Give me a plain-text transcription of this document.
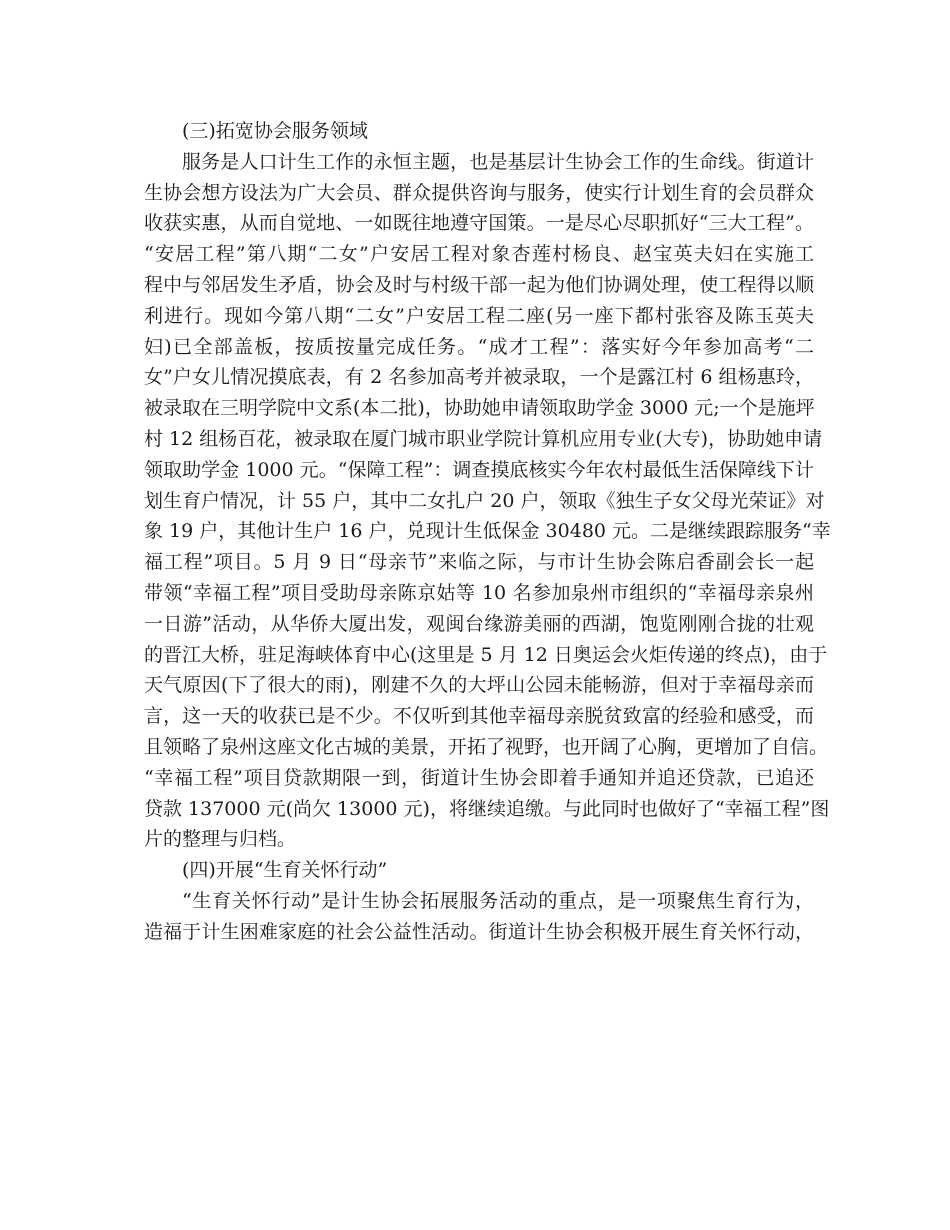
(三)拓宽协会服务领域
服务是人口计生工作的永恒主题，也是基层计生协会工作的生命线。街道计
生协会想方设法为广大会员、群众提供咨询与服务，使实行计划生育的会员群众
收获实惠，从而自觉地、一如既往地遵守国策。一是尽心尽职抓好“三大工程”。
“安居工程”第八期“二女”户安居工程对象杏莲村杨良、赵宝英夫妇在实施工
程中与邻居发生矛盾，协会及时与村级干部一起为他们协调处理，使工程得以顺
利进行。现如今第八期“二女”户安居工程二座(另一座下都村张容及陈玉英夫
妇)已全部盖板，按质按量完成任务。“成才工程”：落实好今年参加高考“二
女”户女儿情况摸底表，有 2 名参加高考并被录取，一个是露江村 6 组杨惠玲，
被录取在三明学院中文系(本二批)，协助她申请领取助学金 3000 元;一个是施坪
村 12 组杨百花，被录取在厦门城市职业学院计算机应用专业(大专)，协助她申请
领取助学金 1000 元。“保障工程”：调查摸底核实今年农村最低生活保障线下计
划生育户情况，计 55 户，其中二女扎户 20 户，领取《独生子女父母光荣证》对
象 19 户，其他计生户 16 户，兑现计生低保金 30480 元。二是继续跟踪服务“幸
福工程”项目。5 月 9 日“母亲节”来临之际，与市计生协会陈启香副会长一起
带领“幸福工程”项目受助母亲陈京姑等 10 名参加泉州市组织的“幸福母亲泉州
一日游”活动，从华侨大厦出发，观闽台缘游美丽的西湖，饱览刚刚合拢的壮观
的晋江大桥，驻足海峡体育中心(这里是 5 月 12 日奥运会火炬传递的终点)，由于
天气原因(下了很大的雨)，刚建不久的大坪山公园未能畅游，但对于幸福母亲而
言，这一天的收获已是不少。不仅听到其他幸福母亲脱贫致富的经验和感受，而
且领略了泉州这座文化古城的美景，开拓了视野，也开阔了心胸，更增加了自信。
“幸福工程”项目贷款期限一到，街道计生协会即着手通知并追还贷款，已追还
贷款 137000 元(尚欠 13000 元)，将继续追缴。与此同时也做好了“幸福工程”图
片的整理与归档。
(四)开展“生育关怀行动”
“生育关怀行动”是计生协会拓展服务活动的重点，是一项聚焦生育行为，
造福于计生困难家庭的社会公益性活动。街道计生协会积极开展生育关怀行动，
